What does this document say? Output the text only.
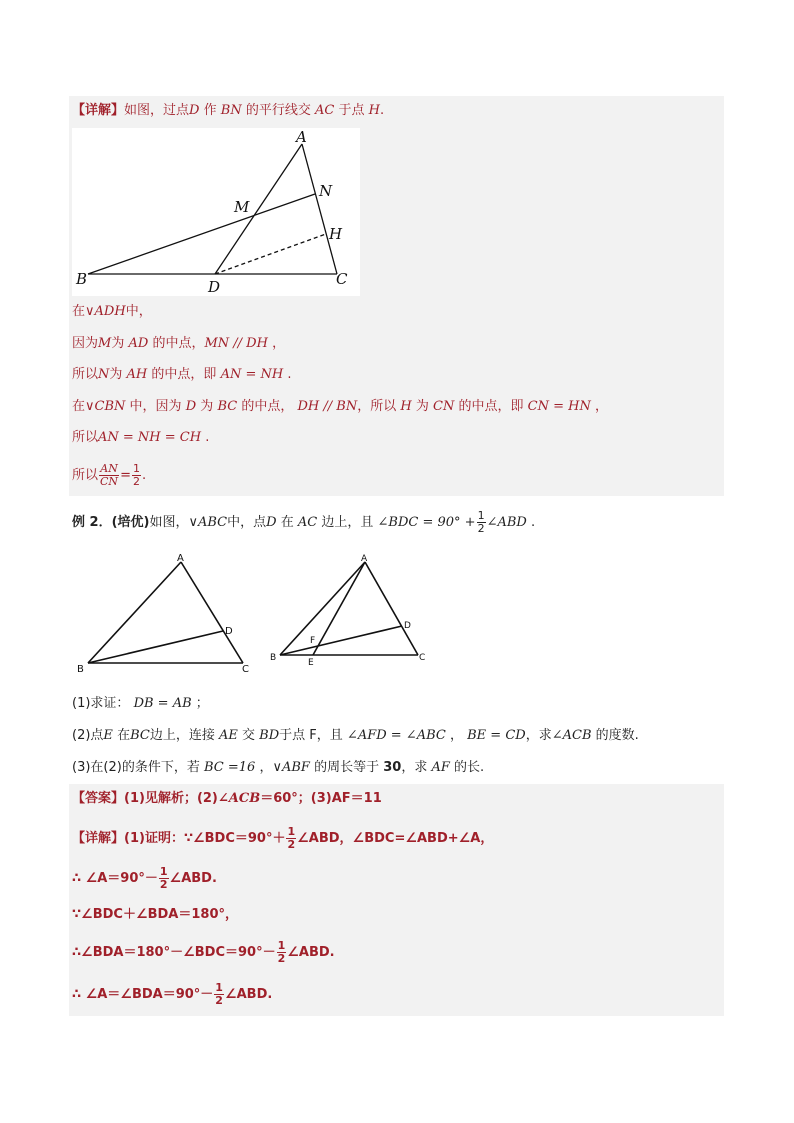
【详解】如图，过点D 作 BN 的平行线交 AC 于点 H.
A
N
M
H
B	D	C
在∨ADH中，
因为M为 AD 的中点，MN // DH ，
所以N为 AH 的中点，即 AN = NH .
在∨CBN 中，因为 D 为 BC 的中点， DH // BN，所以 H 为 CN 的中点，即 CN = HN ，
所以AN = NH = CH .
所以 $\frac{AN}{CN} = \frac{1}{2}$ .
例 2．(培优)如图，∨ABC中，点D 在 AC 边上，且 ∠BDC = $90^\circ + \frac{1}{2}$ ∠ABD .
A
D
B	C
A
D
F
B	E	C
(1)求证： DB = AB ；
(2)点E 在BC边上，连接 AE 交 BD于点 F，且 ∠AFD = ∠ABC ， BE = CD，求∠ACB 的度数.
(3)在(2)的条件下，若 BC =16 ，∨ABF 的周长等于 30，求 AF 的长.
【答案】(1)见解析；(2)∠ACB＝60°；(3)AF＝11
【详解】(1)证明：∵∠BDC＝90°＋ $\frac{1}{2}$ ∠ABD，∠BDC=∠ABD+∠A，
∴ ∠A＝90°－ $\frac{1}{2}$ ∠ABD.
∵∠BDC＋∠BDA＝180°，
∴∠BDA＝180°－∠BDC＝90°－ $\frac{1}{2}$ ∠ABD.
∴ ∠A＝∠BDA＝90°－ $\frac{1}{2}$ ∠ABD.
